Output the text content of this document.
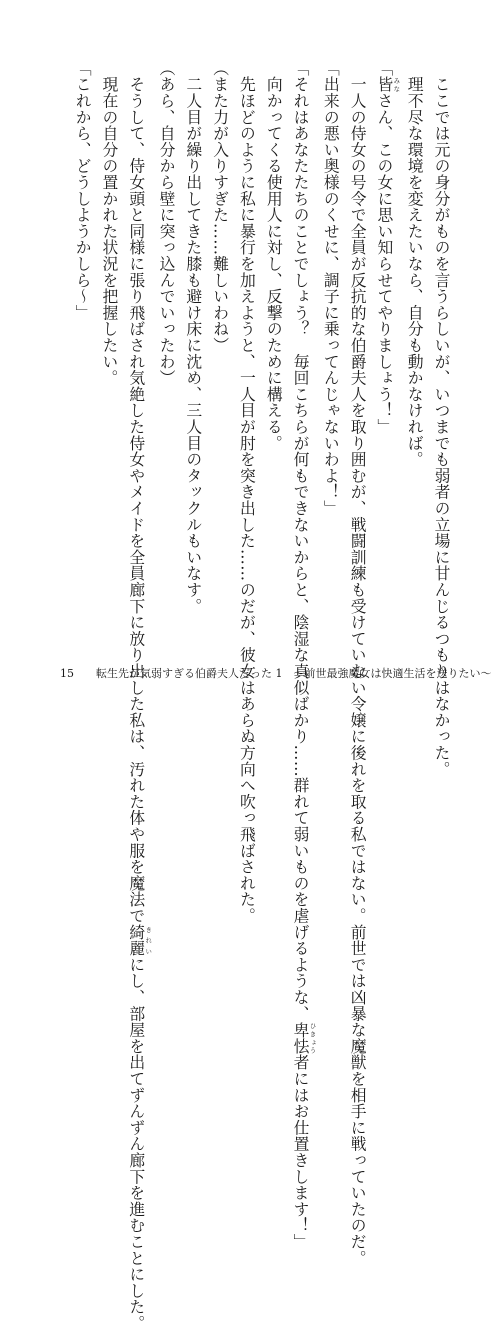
　ここでは元の身分がものを言うらしいが、いつまでも弱者の立場に甘んじるつもりはなかった。

　理不尽な環境を変えたいなら、自分も動かなければ。

「皆みなさん、この女に思い知らせてやりましょう！」

　一人の侍女の号令で全員が反抗的な伯爵夫人を取り囲むが、戦闘訓練も受けていない令嬢に後れを取る私ではない。前世では凶暴な魔獣を相手に戦っていたのだ。

「出来の悪い奥様のくせに、調子に乗ってんじゃないわよ！」

「それはあなたたちのことでしょう？　毎回こちらが何もできないからと、陰湿な真似ばかり……群れて弱いものを虐げるような、卑怯ひきょう者にはお仕置きします！」

　向かってくる使用人に対し、反撃のために構える。

　先ほどのように私に暴行を加えようと、一人目が肘を突き出した……のだが、彼女はあらぬ方向へ吹っ飛ばされた。

（また力が入りすぎた……難しいわね）

　二人目が繰り出してきた膝も避け床に沈め、三人目のタックルもいなす。

（あら、自分から壁に突っ込んでいったわ）

　そうして、侍女頭と同様に張り飛ばされ気絶した侍女やメイドを全員廊下に放り出した私は、汚れた体や服を魔法で綺麗きれいにし、部屋を出てずんずん廊下を進むことにした。

　現在の自分の置かれた状況を把握したい。

「これから、どうしようかしら～」

15 転生先が気弱すぎる伯爵夫人だった 1　～前世最強魔女は快適生活を送りたい～
